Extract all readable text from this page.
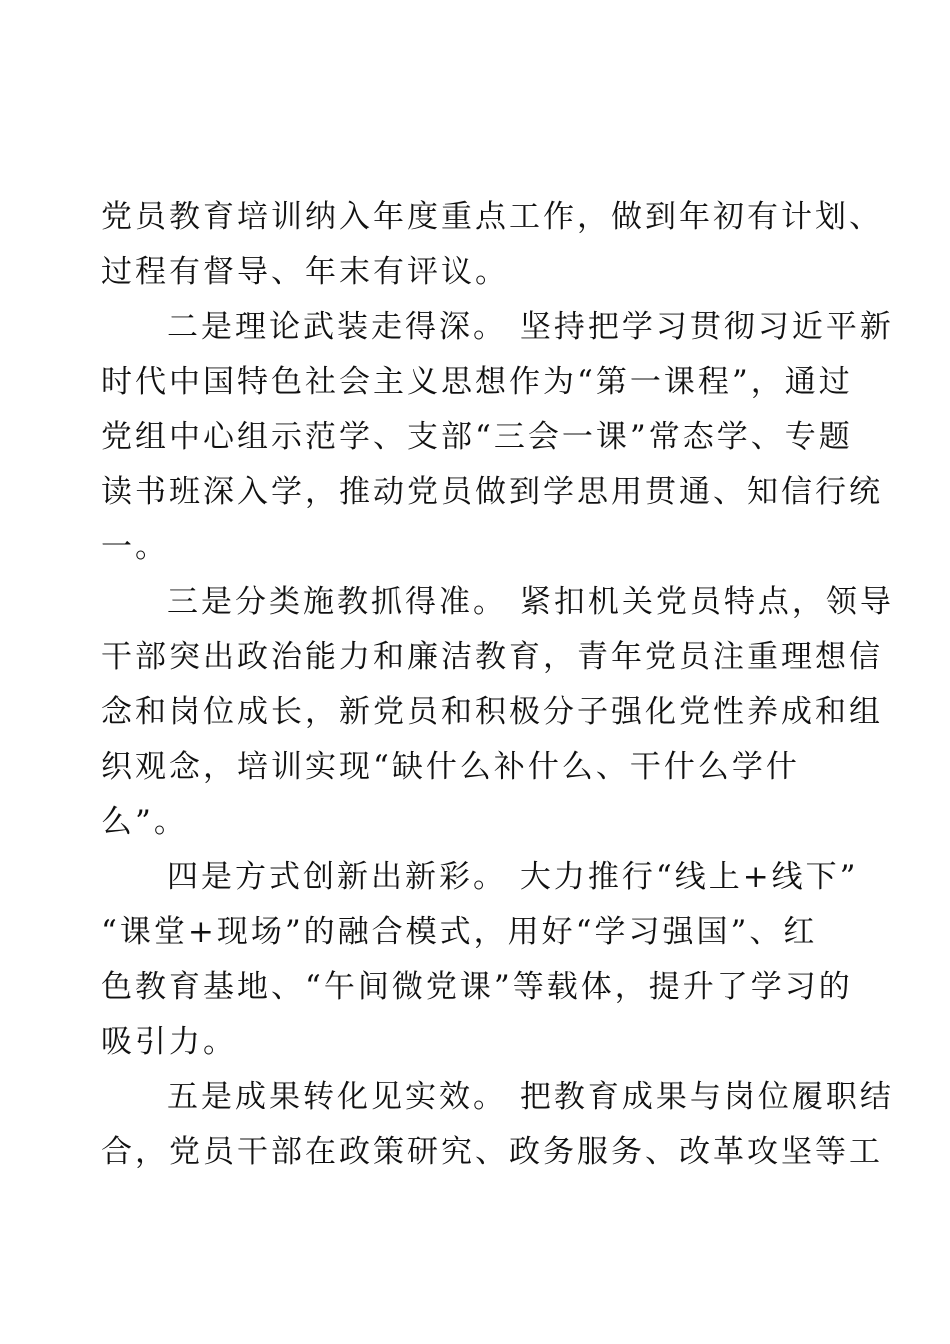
党员教育培训纳入年度重点工作，做到年初有计划、
过程有督导、年末有评议。
二是理论武装走得深。 坚持把学习贯彻习近平新
时代中国特色社会主义思想作为“第一课程”，通过
党组中心组示范学、支部“三会一课”常态学、专题
读书班深入学，推动党员做到学思用贯通、知信行统
一。
三是分类施教抓得准。 紧扣机关党员特点，领导
干部突出政治能力和廉洁教育，青年党员注重理想信
念和岗位成长，新党员和积极分子强化党性养成和组
织观念，培训实现“缺什么补什么、干什么学什
么”。
四是方式创新出新彩。 大力推行“线上+线下”
“课堂+现场”的融合模式，用好“学习强国”、红
色教育基地、“午间微党课”等载体，提升了学习的
吸引力。
五是成果转化见实效。 把教育成果与岗位履职结
合，党员干部在政策研究、政务服务、改革攻坚等工
